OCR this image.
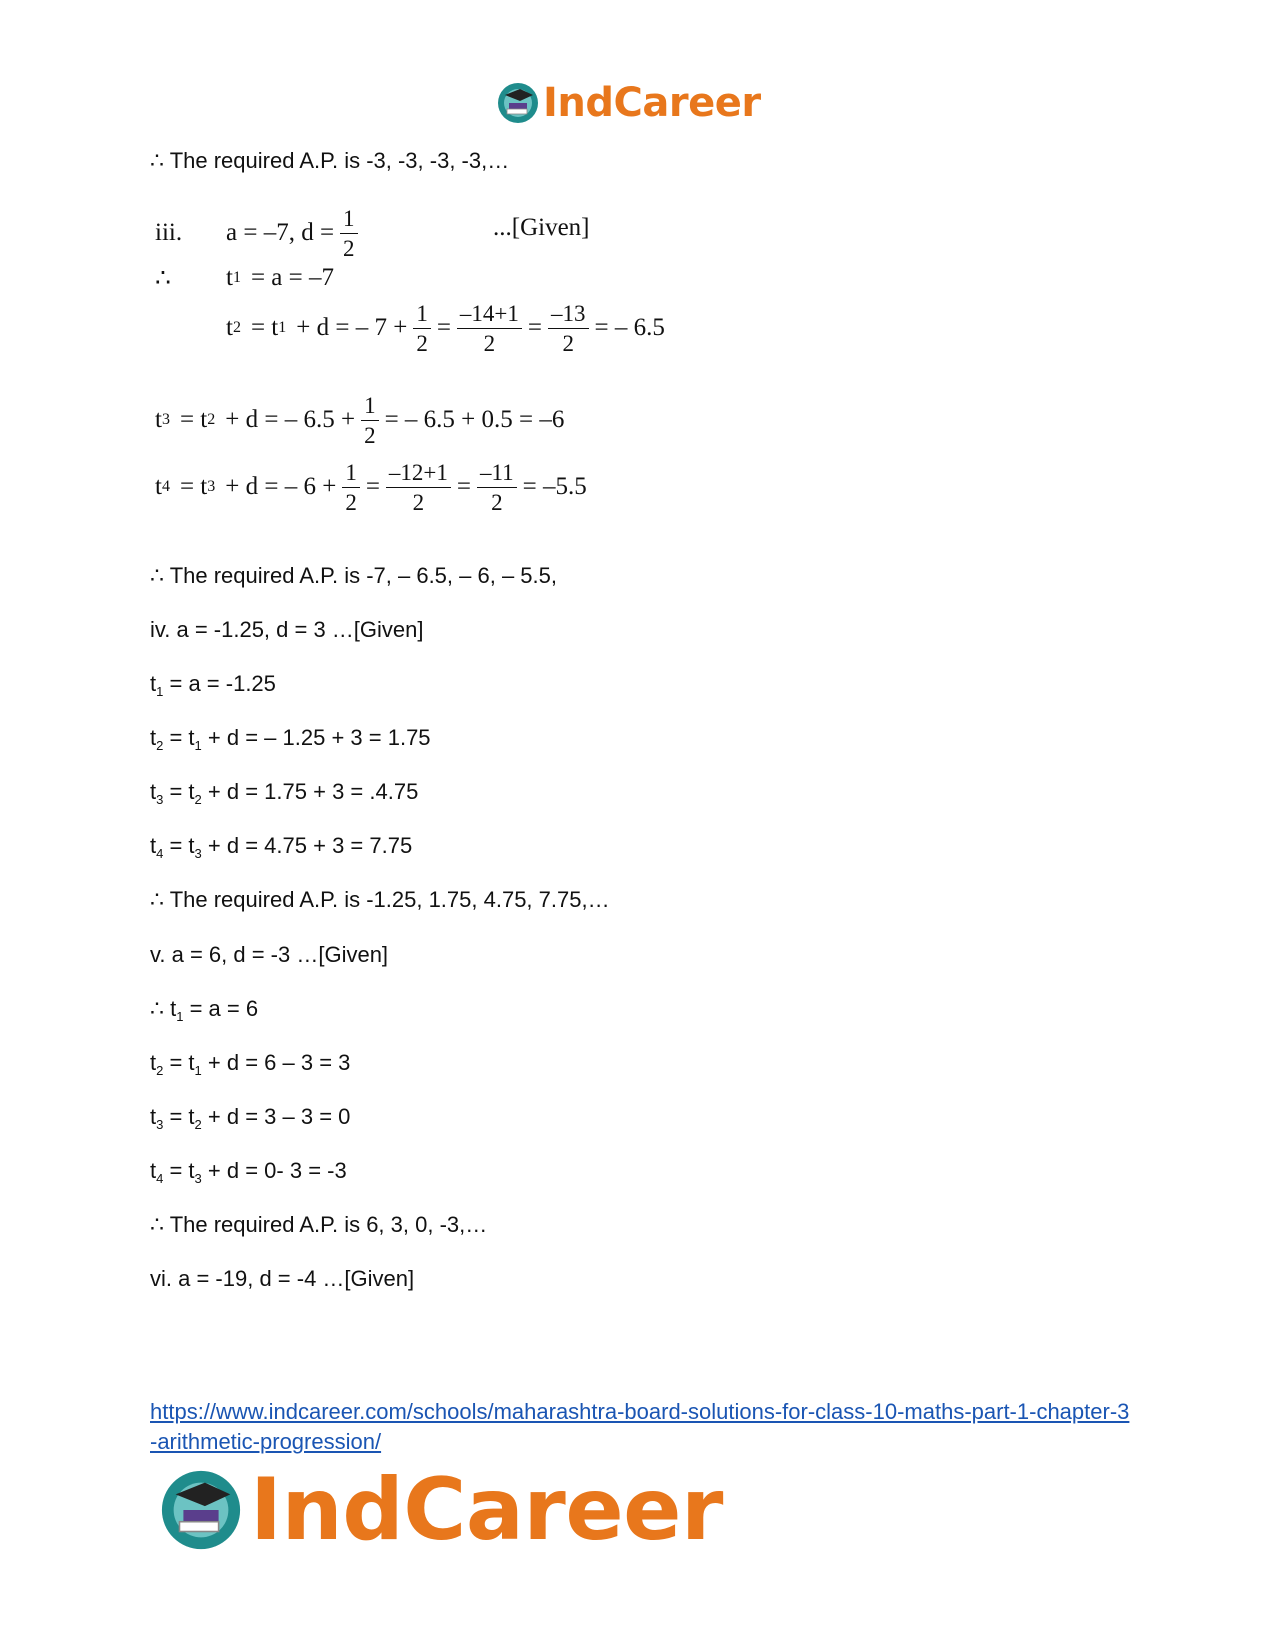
IndCareer
∴ The required A.P. is -3, -3, -3, -3,…
iii.	a = –7, $d = \frac{1}{2}$	...[Given]
∴	t 1 = a = –7
t 2 = t 1 + d = – $7 + \frac{1}{2} = \frac{-14+1}{2} = \frac{-13}{2}$ = – 6.5
t 3 = t 2 + d = – $6.5 + \frac{1}{2}$ = – 6.5 + 0.5 = –6
t 4 = t 3 + d = – $6 + \frac{1}{2} = \frac{-12+1}{2} = \frac{-11}{2} = -5.5$
∴ The required A.P. is -7, – 6.5, – 6, – 5.5,
iv. a = -1.25, d = 3 …[Given]
$t_1 = a = -1.25$
$t_2 = t_1 + d$ = – 1.25 + 3 = 1.75
$t_3 = t_2 + d = 1.75 + 3 = .4.75$
$t_4 = t_3 + d = 4.75 + 3 = 7.75$
∴ The required A.P. is -1.25, 1.75, 4.75, 7.75,…
v. a = 6, d = -3 …[Given]
∴ $t_1 = a = 6$
$t_2 = t_1 + d = 6 - 3 = 3$
$t_3 = t_2 + d = 3 - 3 = 0$
$t_4 = t_3 + d = 0-$ 3 = -3
∴ The required A.P. is 6, 3, 0, -3,…
vi. a = -19, d = -4 …[Given]
https://www.indcareer.com/schools/maharashtra-board-solutions-for-class-10-maths-part-1-chapter-3-arithmetic-progression/
IndCareer
